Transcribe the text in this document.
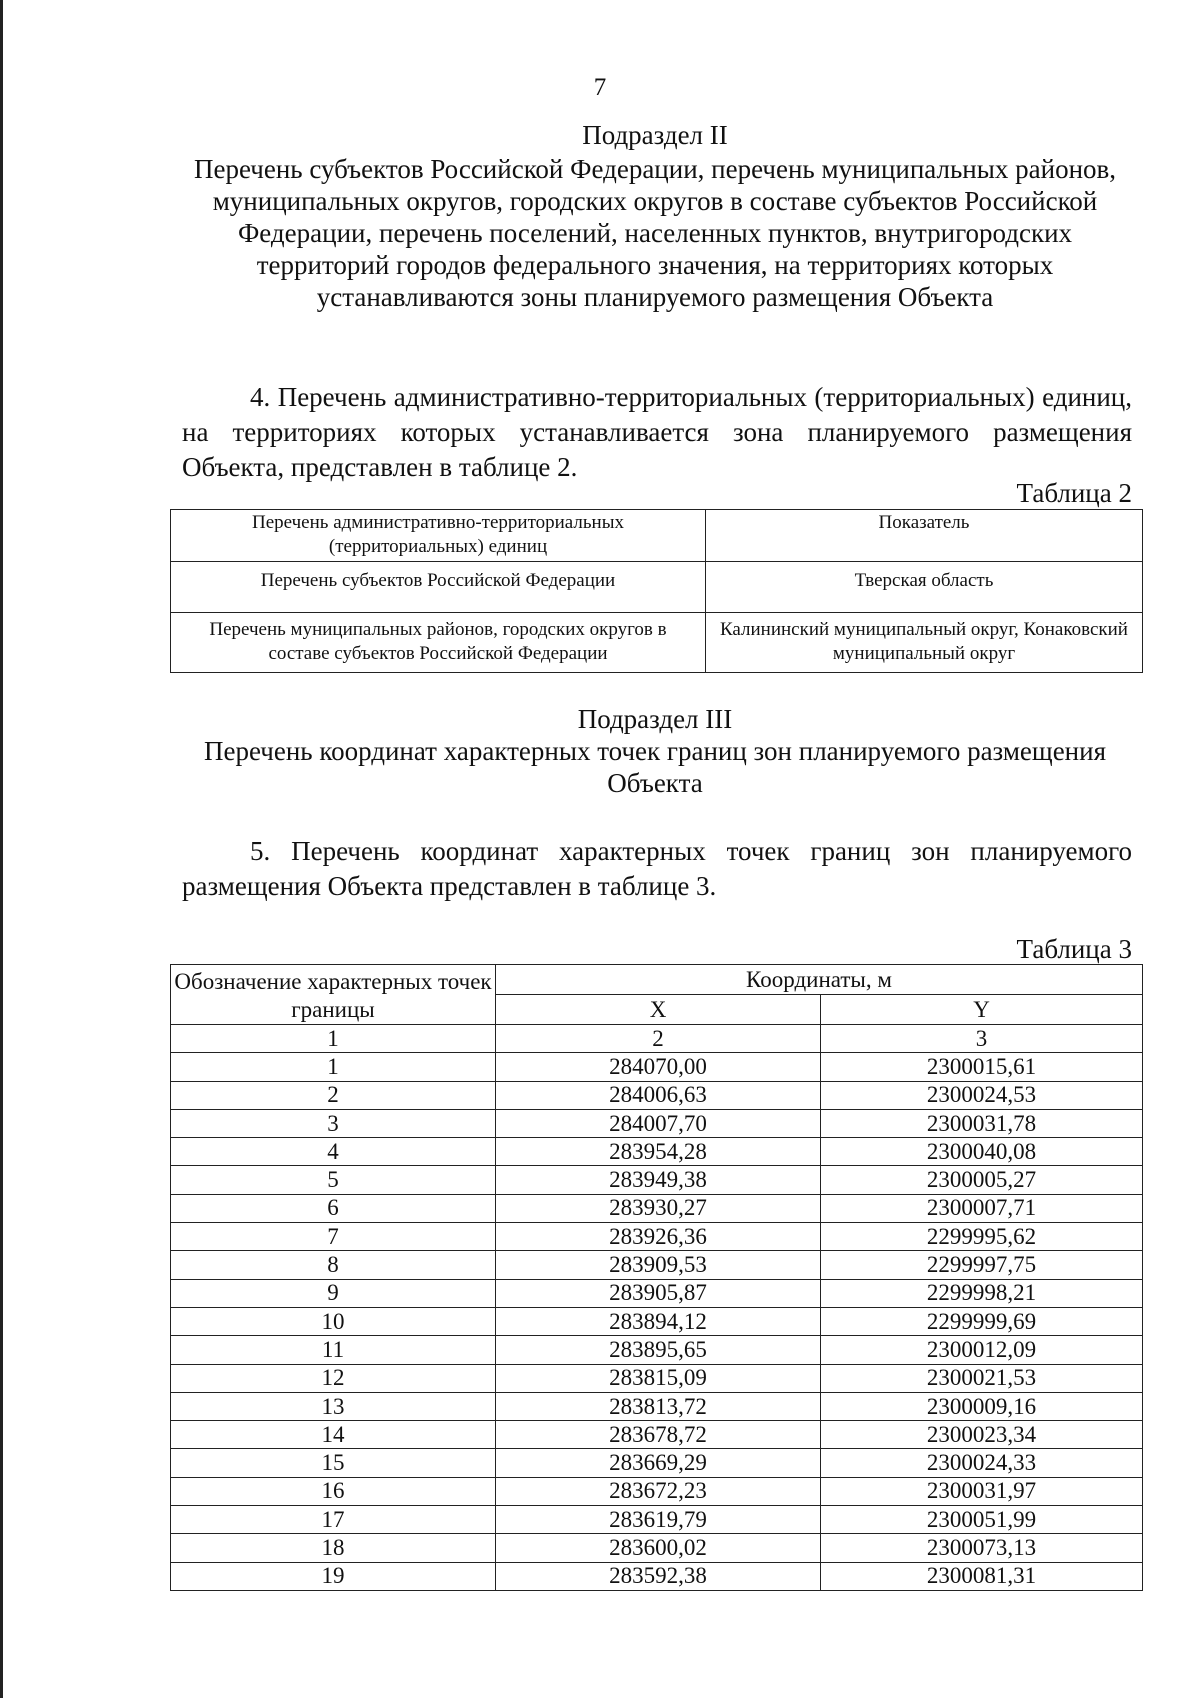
7
Подраздел II
Перечень субъектов Российской Федерации, перечень муниципальных районов, муниципальных округов, городских округов в составе субъектов Российской Федерации, перечень поселений, населенных пунктов, внутригородских территорий городов федерального значения, на территориях которых устанавливаются зоны планируемого размещения Объекта
4. Перечень административно-территориальных (территориальных) единиц, на территориях которых устанавливается зона планируемого размещения Объекта, представлен в таблице 2.
Таблица 2
Перечень административно-территориальных (территориальных) единиц	Показатель
Перечень субъектов Российской Федерации	Тверская область
Перечень муниципальных районов, городских округов в составе субъектов Российской Федерации	Калининский муниципальный округ, Конаковский муниципальный округ
Подраздел III
Перечень координат характерных точек границ зон планируемого размещения Объекта
5. Перечень координат характерных точек границ зон планируемого размещения Объекта представлен в таблице 3.
Таблица 3
Обозначение характерных точек границы	Координаты, м	
	X	Y
1	2	3
1	284070,00	2300015,61
2	284006,63	2300024,53
3	284007,70	2300031,78
4	283954,28	2300040,08
5	283949,38	2300005,27
6	283930,27	2300007,71
7	283926,36	2299995,62
8	283909,53	2299997,75
9	283905,87	2299998,21
10	283894,12	2299999,69
11	283895,65	2300012,09
12	283815,09	2300021,53
13	283813,72	2300009,16
14	283678,72	2300023,34
15	283669,29	2300024,33
16	283672,23	2300031,97
17	283619,79	2300051,99
18	283600,02	2300073,13
19	283592,38	2300081,31
